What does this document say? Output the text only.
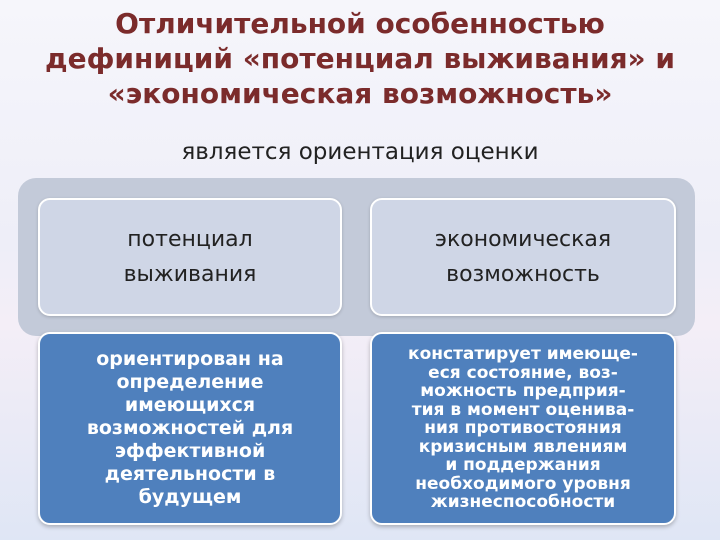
Отличительной особенностью
дефиниций «потенциал выживания» и
«экономическая возможность»
является ориентация оценки
потенциал
выживания
экономическая
возможность
ориентирован на
определение
имеющихся
возможностей для
эффективной
деятельности в
будущем
констатирует имеюще-
еся состояние, воз-
можность предприя-
тия в момент оценива-
ния противостояния
кризисным явлениям
и поддержания
необходимого уровня
жизнеспособности
